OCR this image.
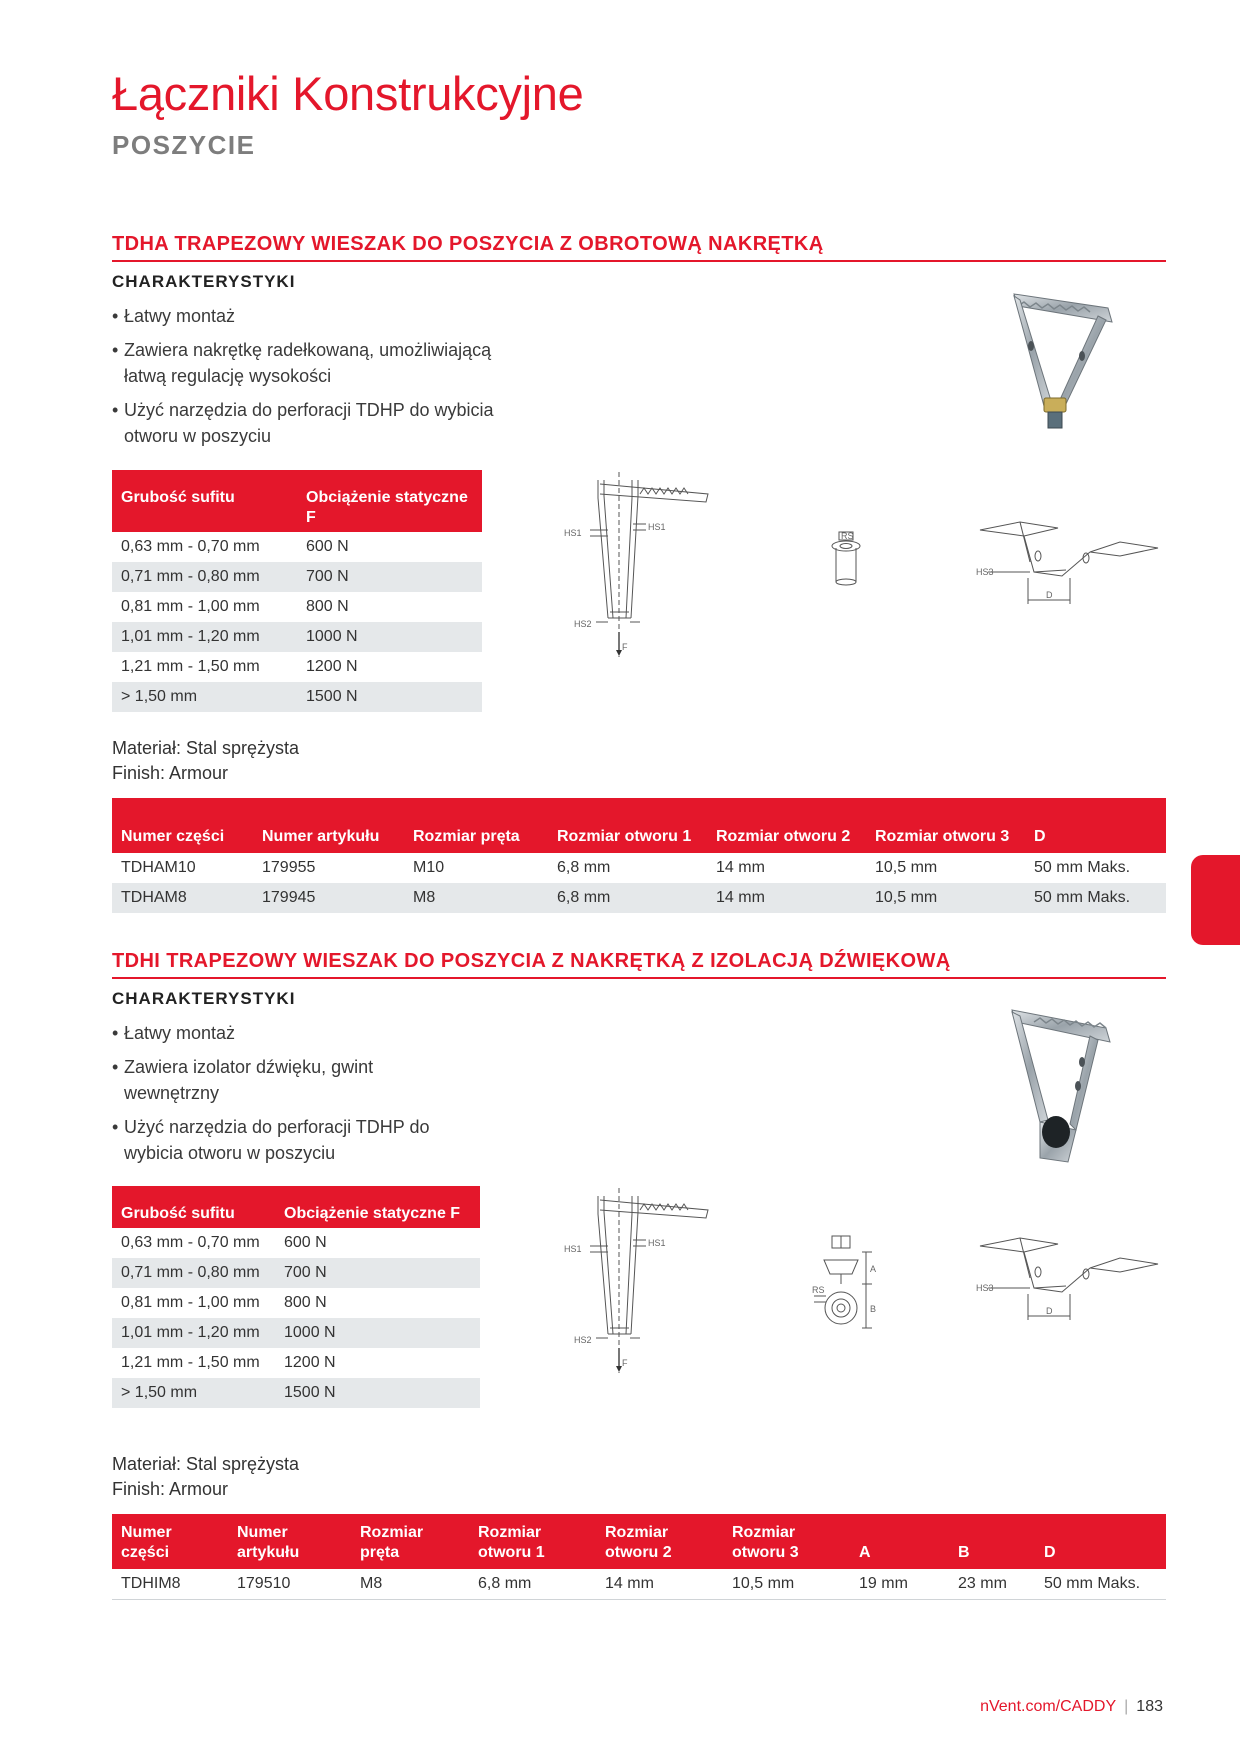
Łączniki Konstrukcyjne
POSZYCIE
TDHA TRAPEZOWY WIESZAK DO POSZYCIA Z OBROTOWĄ NAKRĘTKĄ
CHARAKTERYSTYKI
• Łatwy montaż
• Zawiera nakrętkę radełkowaną, umożliwiającą łatwą regulację wysokości
• Użyć narzędzia do perforacji TDHP do wybicia otworu w poszyciu
Grubość sufitu	Obciążenie statyczne F
0,63 mm - 0,70 mm	600 N
0,71 mm - 0,80 mm	700 N
0,81 mm - 1,00 mm	800 N
1,01 mm - 1,20 mm	1000 N
1,21 mm - 1,50 mm	1200 N
> 1,50 mm	1500 N
HS1
HS1
HS2
F
RS
HS3
D
Materiał: Stal sprężysta
Finish: Armour
Numer części	Numer artykułu	Rozmiar pręta	Rozmiar otworu 1	Rozmiar otworu 2	Rozmiar otworu 3	D
TDHAM10	179955	M10	6,8 mm	14 mm	10,5 mm	50 mm Maks.
TDHAM8	179945	M8	6,8 mm	14 mm	10,5 mm	50 mm Maks.
TDHI TRAPEZOWY WIESZAK DO POSZYCIA Z NAKRĘTKĄ Z IZOLACJĄ DŹWIĘKOWĄ
CHARAKTERYSTYKI
• Łatwy montaż
• Zawiera izolator dźwięku, gwint wewnętrzny
• Użyć narzędzia do perforacji TDHP do wybicia otworu w poszyciu
Grubość sufitu	Obciążenie statyczne F
0,63 mm - 0,70 mm	600 N
0,71 mm - 0,80 mm	700 N
0,81 mm - 1,00 mm	800 N
1,01 mm - 1,20 mm	1000 N
1,21 mm - 1,50 mm	1200 N
> 1,50 mm	1500 N
HS1
HS1
HS2
F
A
B
RS	HS3
D
Materiał: Stal sprężysta
Finish: Armour
Numer części	Numer artykułu	Rozmiar pręta	Rozmiar otworu 1	Rozmiar otworu 2	Rozmiar otworu 3	A	B	D
TDHIM8	179510	M8	6,8 mm	14 mm	10,5 mm	19 mm	23 mm	50 mm Maks.
nVent.com/CADDY | 183
